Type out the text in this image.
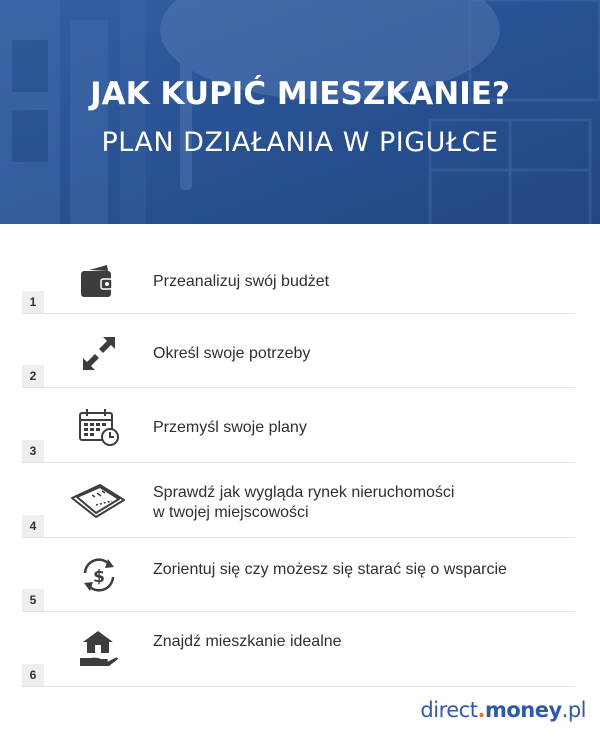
JAK KUPIĆ MIESZKANIE?
PLAN DZIAŁANIA W PIGUŁCE
Przeanalizuj swój budżet
1
Określ swoje potrzeby
2
Przemyśl swoje plany
3
Sprawdź jak wygląda rynek nieruchomości
w twojej miejscowości
4
$	Zorientuj się czy możesz się starać się o wsparcie
5
Znajdź mieszkanie idealne
6
direct.money.pl
